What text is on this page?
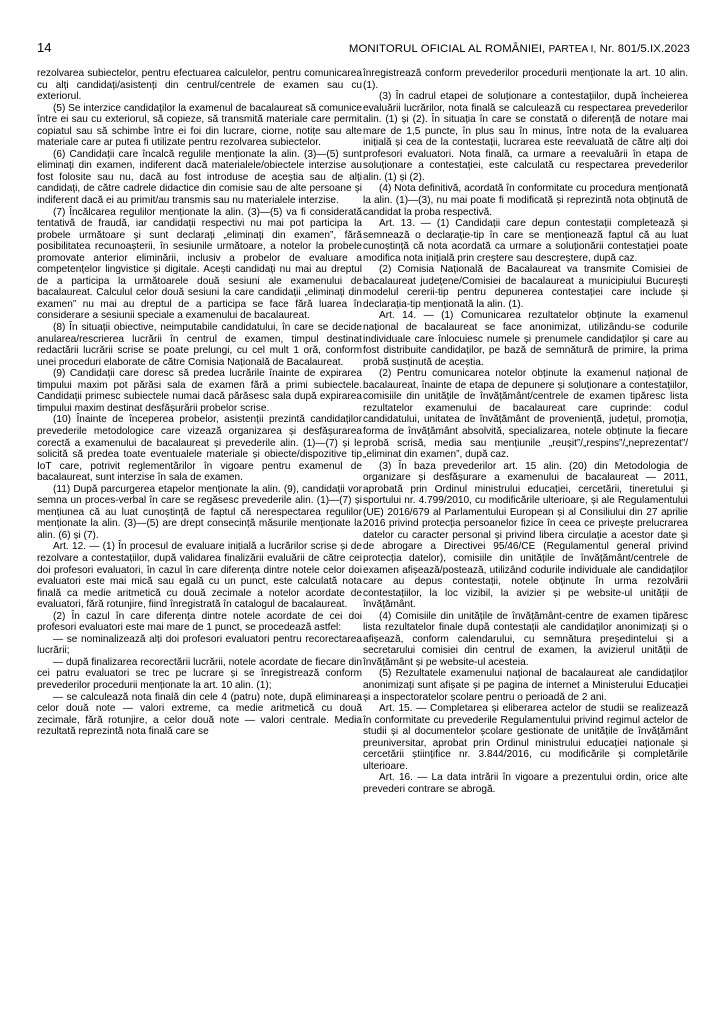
14	MONITORUL OFICIAL AL ROMÂNIEI, PARTEA I, Nr. 801/5.IX.2023

rezolvarea subiectelor, pentru efectuarea calculelor, pentru comunicarea cu alți candidați/asistenți din centrul/centrele de examen sau cu exteriorul.

(5) Se interzice candidaților la examenul de bacalaureat să comunice între ei sau cu exteriorul, să copieze, să transmită materiale care permit copiatul sau să schimbe între ei foi din lucrare, ciorne, notițe sau alte materiale care ar putea fi utilizate pentru rezolvarea subiectelor.

(6) Candidații care încalcă regulile menționate la alin. (3)—(5) sunt eliminați din examen, indiferent dacă materialele/obiectele interzise au fost folosite sau nu, dacă au fost introduse de aceștia sau de alți candidați, de către cadrele didactice din comisie sau de alte persoane și indiferent dacă ei au primit/au transmis sau nu materialele interzise.

(7) Încălcarea regulilor menționate la alin. (3)—(5) va fi considerată tentativă de fraudă, iar candidații respectivi nu mai pot participa la probele următoare și sunt declarați „eliminați din examen”, fără posibilitatea recunoașterii, în sesiunile următoare, a notelor la probele promovate anterior eliminării, inclusiv a probelor de evaluare a competențelor lingvistice și digitale. Acești candidați nu mai au dreptul de a participa la următoarele două sesiuni ale examenului de bacalaureat. Calculul celor două sesiuni la care candidații „eliminați din examen” nu mai au dreptul de a participa se face fără luarea în considerare a sesiunii speciale a examenului de bacalaureat.

(8) În situații obiective, neimputabile candidatului, în care se decide anularea/rescrierea lucrării în centrul de examen, timpul destinat redactării lucrării scrise se poate prelungi, cu cel mult 1 oră, conform unei proceduri elaborate de către Comisia Națională de Bacalaureat.

(9) Candidații care doresc să predea lucrările înainte de expirarea timpului maxim pot părăsi sala de examen fără a primi subiectele. Candidații primesc subiectele numai dacă părăsesc sala după expirarea timpului maxim destinat desfășurării probelor scrise.

(10) Înainte de începerea probelor, asistenții prezintă candidaților prevederile metodologice care vizează organizarea și desfășurarea corectă a examenului de bacalaureat și prevederile alin. (1)—(7) și le solicită să predea toate eventualele materiale și obiecte/dispozitive tip IoT care, potrivit reglementărilor în vigoare pentru examenul de bacalaureat, sunt interzise în sala de examen.

(11) După parcurgerea etapelor menționate la alin. (9), candidații vor semna un proces-verbal în care se regăsesc prevederile alin. (1)—(7) și mențiunea că au luat cunoștință de faptul că nerespectarea regulilor menționate la alin. (3)—(5) are drept consecință măsurile menționate la alin. (6) și (7).

Art. 12. — (1) În procesul de evaluare inițială a lucrărilor scrise și de rezolvare a contestațiilor, după validarea finalizării evaluării de către cei doi profesori evaluatori, în cazul în care diferența dintre notele celor doi evaluatori este mai mică sau egală cu un punct, este calculată nota finală ca medie aritmetică cu două zecimale a notelor acordate de evaluatori, fără rotunjire, fiind înregistrată în catalogul de bacalaureat.

(2) În cazul în care diferența dintre notele acordate de cei doi profesori evaluatori este mai mare de 1 punct, se procedează astfel:

— se nominalizează alți doi profesori evaluatori pentru recorectarea lucrării;

— după finalizarea recorectării lucrării, notele acordate de fiecare din cei patru evaluatori se trec pe lucrare și se înregistrează conform prevederilor procedurii menționate la art. 10 alin. (1);

— se calculează nota finală din cele 4 (patru) note, după eliminarea celor două note — valori extreme, ca medie aritmetică cu două zecimale, fără rotunjire, a celor două note — valori centrale. Media rezultată reprezintă nota finală care se

înregistrează conform prevederilor procedurii menționate la art. 10 alin. (1).

(3) În cadrul etapei de soluționare a contestațiilor, după încheierea evaluării lucrărilor, nota finală se calculează cu respectarea prevederilor alin. (1) și (2). În situația în care se constată o diferență de notare mai mare de 1,5 puncte, în plus sau în minus, între nota de la evaluarea inițială și cea de la contestații, lucrarea este reevaluată de către alți doi profesori evaluatori. Nota finală, ca urmare a reevaluării în etapa de soluționare a contestației, este calculată cu respectarea prevederilor alin. (1) și (2).

(4) Nota definitivă, acordată în conformitate cu procedura menționată la alin. (1)—(3), nu mai poate fi modificată și reprezintă nota obținută de candidat la proba respectivă.

Art. 13. — (1) Candidații care depun contestații completează și semnează o declarație-tip în care se menționează faptul că au luat cunoștință că nota acordată ca urmare a soluționării contestației poate modifica nota inițială prin creștere sau descreștere, după caz.

(2) Comisia Națională de Bacalaureat va transmite Comisiei de bacalaureat județene/Comisiei de bacalaureat a municipiului București modelul cererii-tip pentru depunerea contestației care include și declarația-tip menționată la alin. (1).

Art. 14. — (1) Comunicarea rezultatelor obținute la examenul național de bacalaureat se face anonimizat, utilizându-se codurile individuale care înlocuiesc numele și prenumele candidaților și care au fost distribuite candidaților, pe bază de semnătură de primire, la prima probă susținută de aceștia.

(2) Pentru comunicarea notelor obținute la examenul național de bacalaureat, înainte de etapa de depunere și soluționare a contestațiilor, comisiile din unitățile de învățământ/centrele de examen tipăresc lista rezultatelor examenului de bacalaureat care cuprinde: codul candidatului, unitatea de învățământ de proveniență, județul, promoția, forma de învățământ absolvită, specializarea, notele obținute la fiecare probă scrisă, media sau mențiunile „reușit”/„respins”/„neprezentat”/„eliminat din examen”, după caz.

(3) În baza prevederilor art. 15 alin. (20) din Metodologia de organizare și desfășurare a examenului de bacalaureat — 2011, aprobată prin Ordinul ministrului educației, cercetării, tineretului și sportului nr. 4.799/2010, cu modificările ulterioare, și ale Regulamentului (UE) 2016/679 al Parlamentului European și al Consiliului din 27 aprilie 2016 privind protecția persoanelor fizice în ceea ce privește prelucrarea datelor cu caracter personal și privind libera circulație a acestor date și de abrogare a Directivei 95/46/CE (Regulamentul general privind protecția datelor), comisiile din unitățile de învățământ/centrele de examen afișează/postează, utilizând codurile individuale ale candidaților care au depus contestații, notele obținute în urma rezolvării contestațiilor, la loc vizibil, la avizier și pe website-ul unității de învățământ.

(4) Comisiile din unitățile de învățământ-centre de examen tipăresc lista rezultatelor finale după contestații ale candidaților anonimizați și o afișează, conform calendarului, cu semnătura președintelui și a secretarului comisiei din centrul de examen, la avizierul unității de învățământ și pe website-ul acesteia.

(5) Rezultatele examenului național de bacalaureat ale candidaților anonimizați sunt afișate și pe pagina de internet a Ministerului Educației și a inspectoratelor școlare pentru o perioadă de 2 ani.

Art. 15. — Completarea și eliberarea actelor de studii se realizează în conformitate cu prevederile Regulamentului privind regimul actelor de studii și al documentelor școlare gestionate de unitățile de învățământ preuniversitar, aprobat prin Ordinul ministrului educației naționale și cercetării științifice nr. 3.844/2016, cu modificările și completările ulterioare.

Art. 16. — La data intrării în vigoare a prezentului ordin, orice alte prevederi contrare se abrogă.
